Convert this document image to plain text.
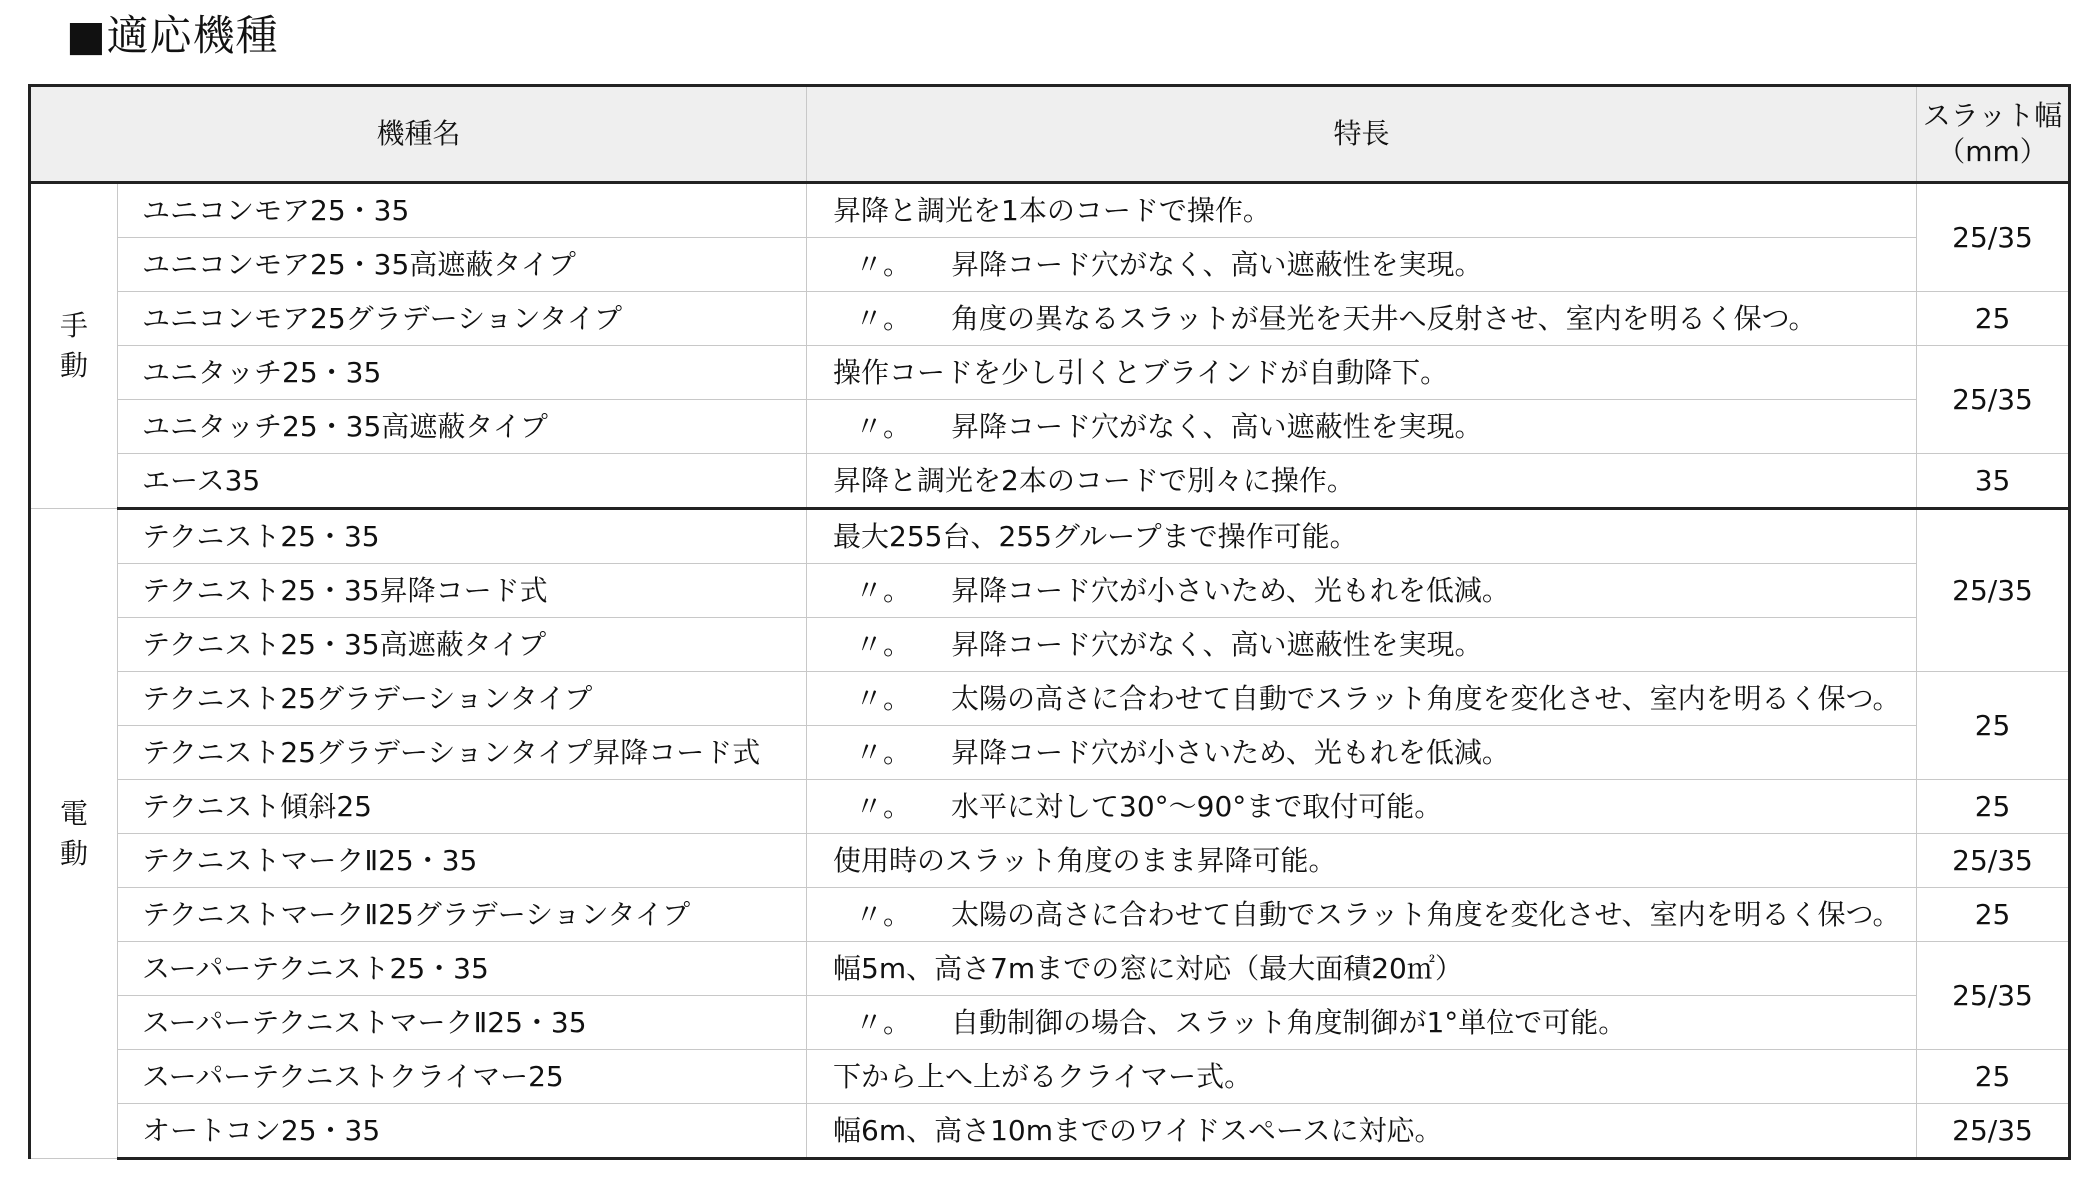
■適応機種
機種名		特長	スラット幅
（mm）

手
動	ユニコンモア25・35	昇降と調光を1本のコードで操作。	25/35
	ユニコンモア25・35高遮蔽タイプ	〃。 昇降コード穴がなく、高い遮蔽性を実現。	
	ユニコンモア25グラデーションタイプ	〃。 角度の異なるスラットが昼光を天井へ反射させ、室内を明るく保つ。	25
	ユニタッチ25・35	操作コードを少し引くとブラインドが自動降下。	25/35
	ユニタッチ25・35高遮蔽タイプ	〃。 昇降コード穴がなく、高い遮蔽性を実現。	
	エース35	昇降と調光を2本のコードで別々に操作。	35

電
動	テクニスト25・35	最大255台、255グループまで操作可能。	25/35
	テクニスト25・35昇降コード式	〃。 昇降コード穴が小さいため、光もれを低減。	
	テクニスト25・35高遮蔽タイプ	〃。 昇降コード穴がなく、高い遮蔽性を実現。	
	テクニスト25グラデーションタイプ	〃。 太陽の高さに合わせて自動でスラット角度を変化させ、室内を明るく保つ。	25
	テクニスト25グラデーションタイプ昇降コード式	〃。 昇降コード穴が小さいため、光もれを低減。	
	テクニスト傾斜25	〃。 水平に対して30°～90°まで取付可能。	25
	テクニストマークⅡ25・35	使用時のスラット角度のまま昇降可能。	25/35
	テクニストマークⅡ25グラデーションタイプ	〃。 太陽の高さに合わせて自動でスラット角度を変化させ、室内を明るく保つ。	25
	スーパーテクニスト25・35	幅5m、高さ7mまでの窓に対応（最大面積20㎡）	25/35
	スーパーテクニストマークⅡ25・35	〃。 自動制御の場合、スラット角度制御が1°単位で可能。	
	スーパーテクニストクライマー25	下から上へ上がるクライマー式。	25
	オートコン25・35	幅6m、高さ10mまでのワイドスペースに対応。	25/35
